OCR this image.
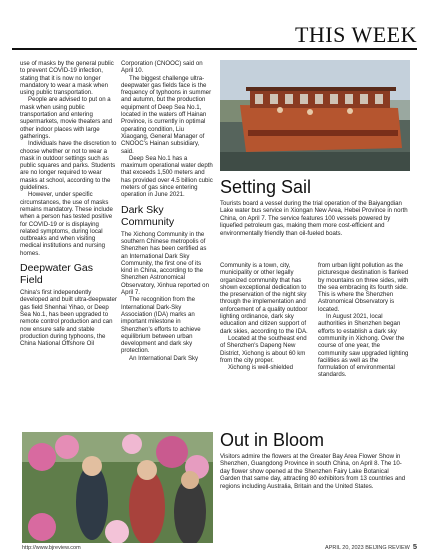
THIS WEEK

use of masks by the general public to prevent COVID-19 infection, stating that it is now no longer mandatory to wear a mask when using public transportation.

People are advised to put on a mask when using public transportation and entering supermarkets, movie theaters and other indoor places with large gatherings.

Individuals have the discretion to choose whether or not to wear a mask in outdoor settings such as public squares and parks. Students are no longer required to wear masks at school, according to the guidelines.

However, under specific circumstances, the use of masks remains mandatory. These include when a person has tested positive for COVID-19 or is displaying related symptoms, during local outbreaks and when visiting medical institutions and nursing homes.

Deepwater Gas Field

China's first independently developed and built ultra-deepwater gas field Shenhai Yihao, or Deep Sea No.1, has been upgraded to remote control production and can now ensure safe and stable production during typhoons, the China National Offshore Oil

Corporation (CNOOC) said on April 10.

The biggest challenge ultra-deepwater gas fields face is the frequency of typhoons in summer and autumn, but the production equipment of Deep Sea No.1, located in the waters off Hainan Province, is currently in optimal operating condition, Liu Xiaogang, General Manager of CNOOC's Hainan subsidiary, said.

Deep Sea No.1 has a maximum operational water depth that exceeds 1,500 meters and has provided over 4.5 billion cubic meters of gas since entering operation in June 2021.

Dark Sky Community

The Xichong Community in the southern Chinese metropolis of Shenzhen has been certified as an International Dark Sky Community, the first one of its kind in China, according to the Shenzhen Astronomical Observatory, Xinhua reported on April 7.

The recognition from the International Dark-Sky Association (IDA) marks an important milestone in Shenzhen's efforts to achieve equilibrium between urban development and dark sky protection.

An International Dark Sky

Setting Sail
Tourists board a vessel during the trial operation of the Baiyangdian Lake water bus service in Xiongan New Area, Hebei Province in north China, on April 7. The service features 100 vessels powered by liquefied petroleum gas, making them more cost-efficient and environmentally friendly than oil-fueled boats.

Community is a town, city, municipality or other legally organized community that has shown exceptional dedication to the preservation of the night sky through the implementation and enforcement of a quality outdoor lighting ordinance, dark sky education and citizen support of dark skies, according to the IDA.

Located at the southeast end of Shenzhen's Dapeng New District, Xichong is about 60 km from the city proper.

Xichong is well-shielded

from urban light pollution as the picturesque destination is flanked by mountains on three sides, with the sea embracing its fourth side. This is where the Shenzhen Astronomical Observatory is located.

In August 2021, local authorities in Shenzhen began efforts to establish a dark sky community in Xichong. Over the course of one year, the community saw upgraded lighting facilities as well as the formulation of environmental standards.

Out in Bloom
Visitors admire the flowers at the Greater Bay Area Flower Show in Shenzhen, Guangdong Province in south China, on April 8. The 10-day flower show opened at the Shenzhen Fairy Lake Botanical Garden that same day, attracting 80 exhibitors from 13 countries and regions including Australia, Britain and the United States.
http://www.bjreview.com	APRIL 20, 2023 BEIJING REVIEW 5
